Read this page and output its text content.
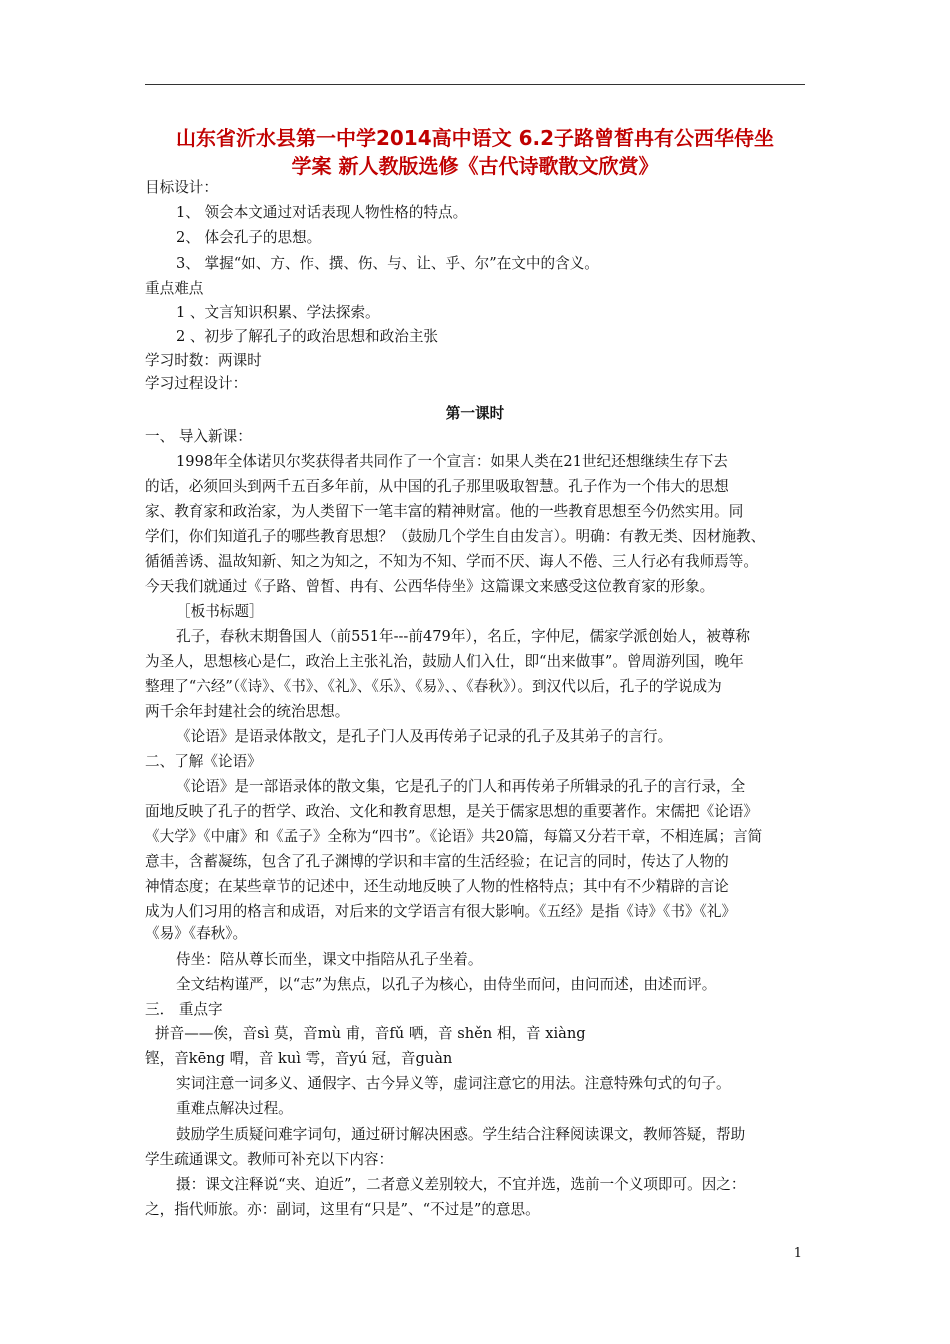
山东省沂水县第一中学2014高中语文 6.2子路曾皙冉有公西华侍坐
学案 新人教版选修《古代诗歌散文欣赏》
目标设计：
1、 领会本文通过对话表现人物性格的特点。
2、 体会孔子的思想。
3、 掌握“如、方、作、撰、伤、与、让、乎、尔”在文中的含义。
重点难点
1 、文言知识积累、学法探索。
2 、初步了解孔子的政治思想和政治主张
学习时数：两课时
学习过程设计：
第一课时
一、 导入新课：
1998年全体诺贝尔奖获得者共同作了一个宣言：如果人类在21世纪还想继续生存下去
的话，必须回头到两千五百多年前，从中国的孔子那里吸取智慧。孔子作为一个伟大的思想
家、教育家和政治家，为人类留下一笔丰富的精神财富。他的一些教育思想至今仍然实用。同
学们，你们知道孔子的哪些教育思想？（鼓励几个学生自由发言）。明确：有教无类、因材施教、
循循善诱、温故知新、知之为知之，不知为不知、学而不厌、诲人不倦、三人行必有我师焉等。
今天我们就通过《子路、曾皙、冉有、公西华侍坐》这篇课文来感受这位教育家的形象。
［板书标题］
孔子，春秋末期鲁国人（前551年---前479年），名丘，字仲尼，儒家学派创始人，被尊称
为圣人，思想核心是仁，政治上主张礼治，鼓励人们入仕，即“出来做事”。曾周游列国，晚年
整理了“六经”（《诗》、《书》、《礼》、《乐》、《易》、、《春秋》）。到汉代以后，孔子的学说成为
两千余年封建社会的统治思想。
《论语》是语录体散文，是孔子门人及再传弟子记录的孔子及其弟子的言行。
二、了解《论语》
《论语》是一部语录体的散文集，它是孔子的门人和再传弟子所辑录的孔子的言行录，全
面地反映了孔子的哲学、政治、文化和教育思想，是关于儒家思想的重要著作。宋儒把《论语》
《大学》《中庸》和《孟子》全称为“四书”。《论语》共20篇，每篇又分若干章，不相连属；言简
意丰，含蓄凝练，包含了孔子渊博的学识和丰富的生活经验；在记言的同时，传达了人物的
神情态度；在某些章节的记述中，还生动地反映了人物的性格特点；其中有不少精辟的言论
成为人们习用的格言和成语，对后来的文学语言有很大影响。《五经》是指《诗》《书》《礼》
《易》《春秋》。
侍坐：陪从尊长而坐，课文中指陪从孔子坐着。
全文结构谨严，以“志”为焦点，以孔子为核心，由侍坐而问，由问而述，由述而评。
三． 重点字
拼音——俟，音sì 莫，音mù 甫，音fǔ 哂，音 shěn 相，音 xiàng
铿，音kēng 喟，音 kuì 雩，音yú 冠，音guàn
实词注意一词多义、通假字、古今异义等，虚词注意它的用法。注意特殊句式的句子。
重难点解决过程。
鼓励学生质疑问难字词句，通过研讨解决困惑。学生结合注释阅读课文，教师答疑，帮助
学生疏通课文。教师可补充以下内容：
摄：课文注释说“夹、迫近”，二者意义差别较大，不宜并选，选前一个义项即可。因之：
之，指代师旅。亦：副词，这里有“只是”、“不过是”的意思。
1
